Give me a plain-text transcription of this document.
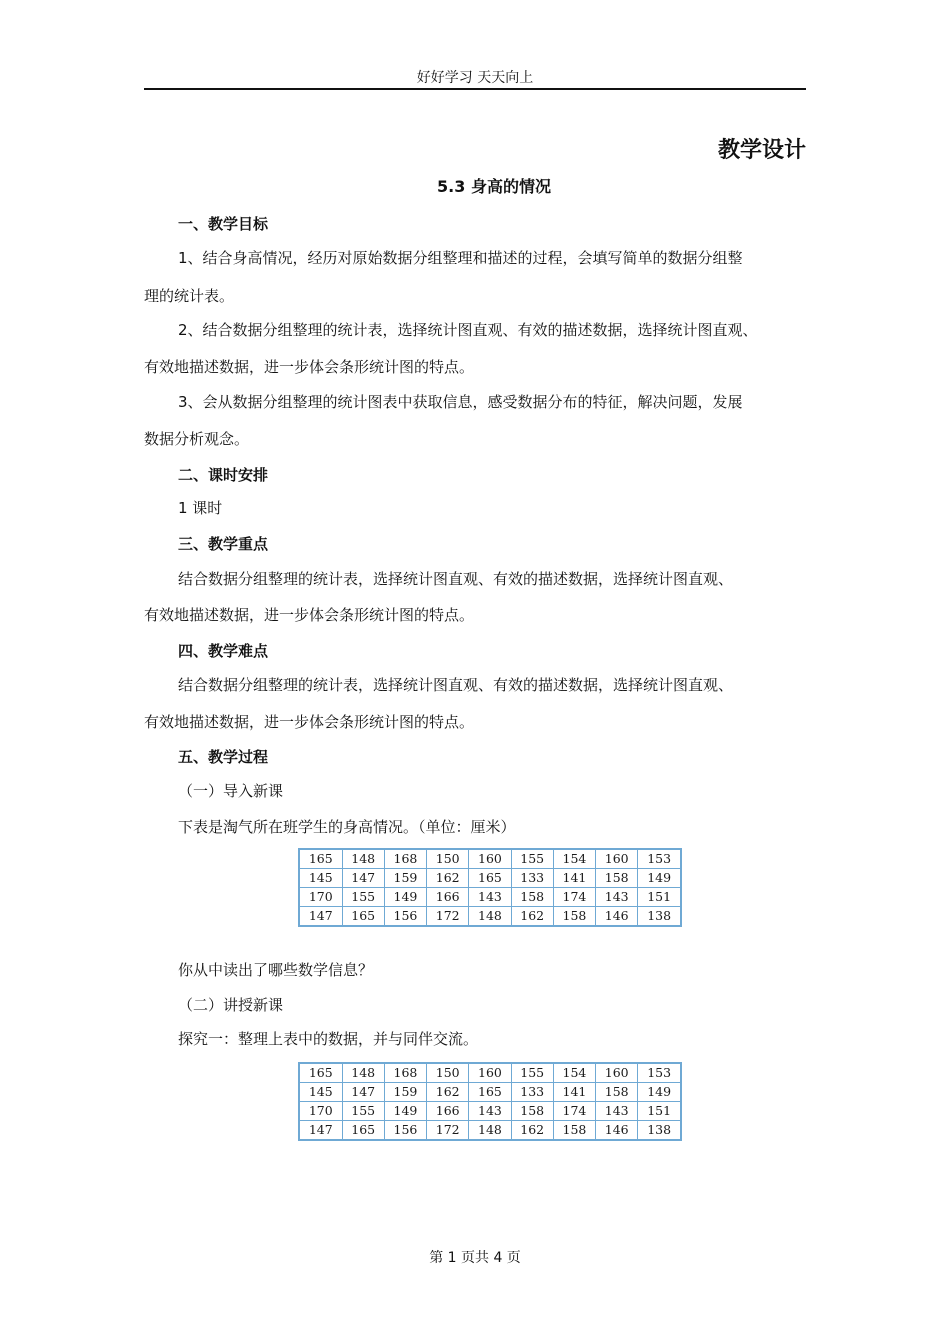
好好学习 天天向上
教学设计
5.3 身高的情况
一、教学目标
1、结合身高情况，经历对原始数据分组整理和描述的过程，会填写简单的数据分组整
理的统计表。
2、结合数据分组整理的统计表，选择统计图直观、有效的描述数据，选择统计图直观、
有效地描述数据，进一步体会条形统计图的特点。
3、会从数据分组整理的统计图表中获取信息，感受数据分布的特征，解决问题，发展
数据分析观念。
二、课时安排
1 课时
三、教学重点
结合数据分组整理的统计表，选择统计图直观、有效的描述数据，选择统计图直观、
有效地描述数据，进一步体会条形统计图的特点。
四、教学难点
结合数据分组整理的统计表，选择统计图直观、有效的描述数据，选择统计图直观、
有效地描述数据，进一步体会条形统计图的特点。
五、教学过程
（一）导入新课
下表是淘气所在班学生的身高情况。（单位：厘米）
165	148	168	150	160	155	154	160	153
145	147	159	162	165	133	141	158	149
170	155	149	166	143	158	174	143	151
147	165	156	172	148	162	158	146	138
你从中读出了哪些数学信息？
（二）讲授新课
探究一：整理上表中的数据，并与同伴交流。
165	148	168	150	160	155	154	160	153
145	147	159	162	165	133	141	158	149
170	155	149	166	143	158	174	143	151
147	165	156	172	148	162	158	146	138
第 1 页共 4 页
